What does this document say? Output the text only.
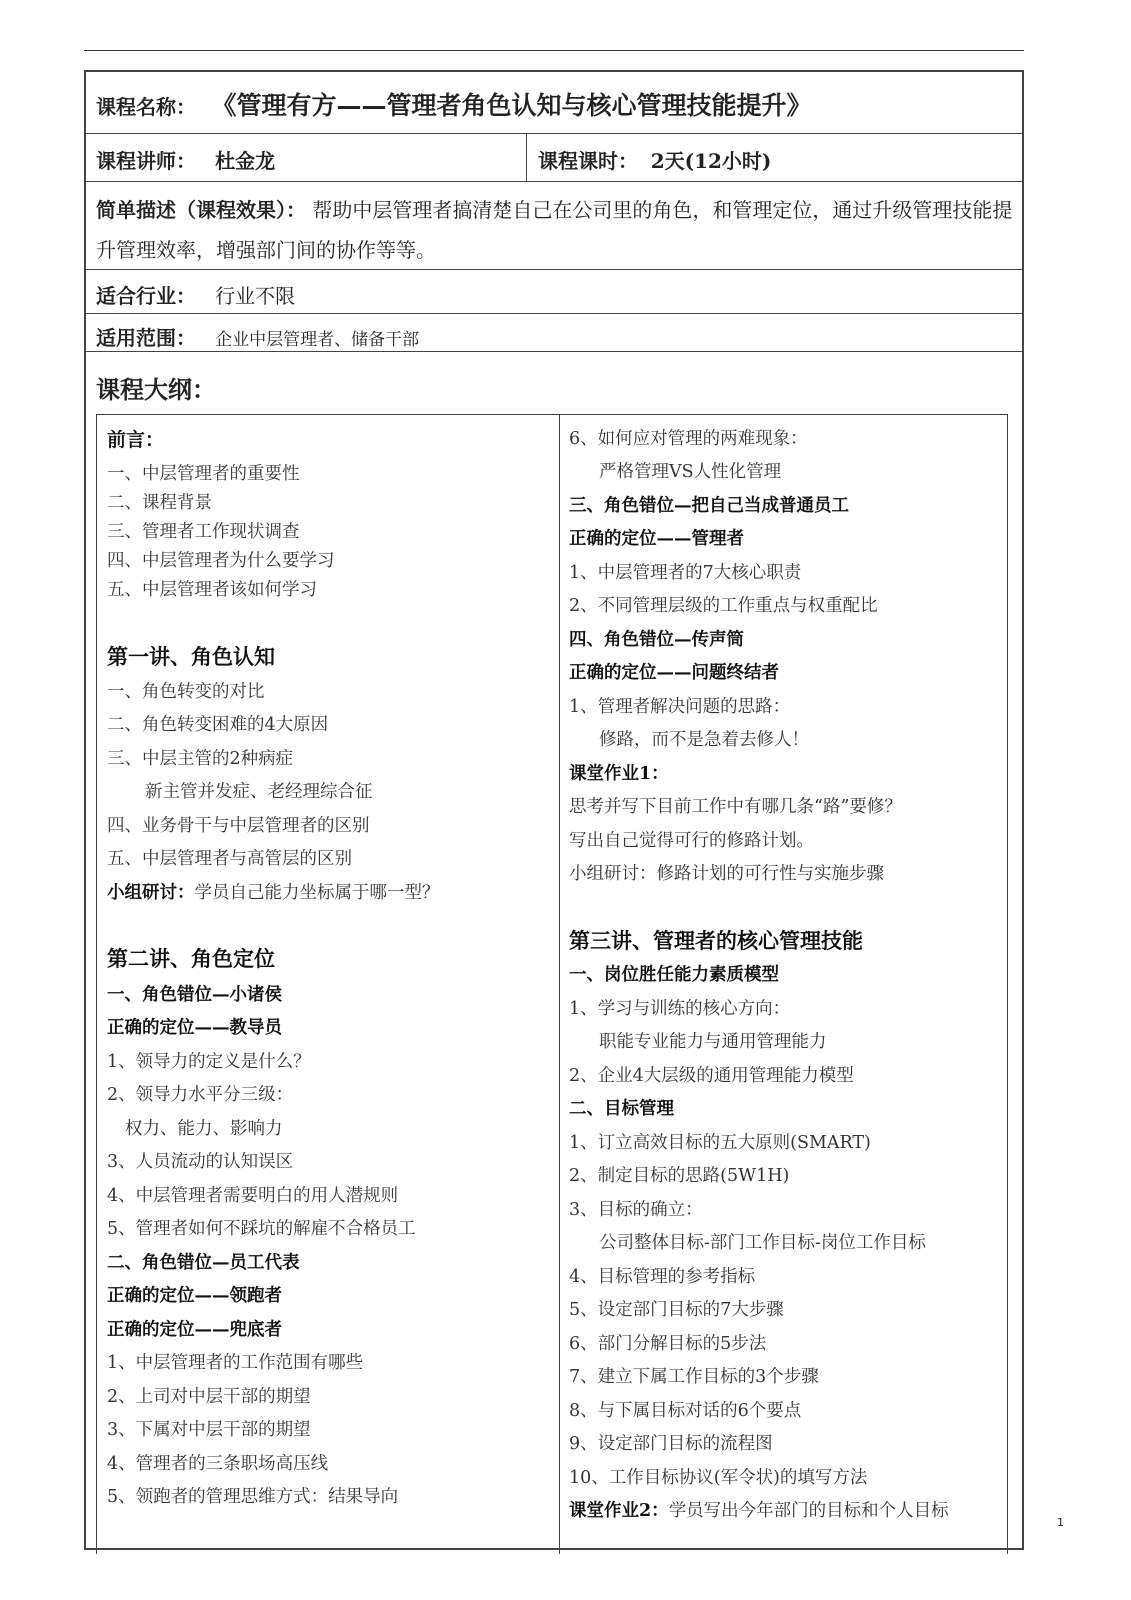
课程名称： 《管理有方——管理者角色认知与核心管理技能提升》
课程讲师： 杜金龙	课程课时： 2天(12小时)
简单描述（课程效果）： 帮助中层管理者搞清楚自己在公司里的角色，和管理定位，通过升级管理技能提升管理效率，增强部门间的协作等等。
适合行业： 行业不限
适用范围： 企业中层管理者、储备干部
课程大纲：
前言：
一、中层管理者的重要性
二、课程背景
三、管理者工作现状调查
四、中层管理者为什么要学习
五、中层管理者该如何学习
第一讲、角色认知
一、角色转变的对比
二、角色转变困难的4大原因
三、中层主管的2种病症
新主管并发症、老经理综合征
四、业务骨干与中层管理者的区别
五、中层管理者与高管层的区别
小组研讨：学员自己能力坐标属于哪一型？
第二讲、角色定位
一、角色错位—小诸侯
正确的定位——教导员
1、领导力的定义是什么？
2、领导力水平分三级：
权力、能力、影响力
3、人员流动的认知误区
4、中层管理者需要明白的用人潜规则
5、管理者如何不踩坑的解雇不合格员工
二、角色错位—员工代表
正确的定位——领跑者
正确的定位——兜底者
1、中层管理者的工作范围有哪些
2、上司对中层干部的期望
3、下属对中层干部的期望
4、管理者的三条职场高压线
5、领跑者的管理思维方式：结果导向
6、如何应对管理的两难现象：
严格管理VS人性化管理
三、角色错位—把自己当成普通员工
正确的定位——管理者
1、中层管理者的7大核心职责
2、不同管理层级的工作重点与权重配比
四、角色错位—传声筒
正确的定位——问题终结者
1、管理者解决问题的思路：
修路，而不是急着去修人！
课堂作业1：
思考并写下目前工作中有哪几条“路”要修？
写出自己觉得可行的修路计划。
小组研讨：修路计划的可行性与实施步骤
第三讲、管理者的核心管理技能
一、岗位胜任能力素质模型
1、学习与训练的核心方向：
职能专业能力与通用管理能力
2、企业4大层级的通用管理能力模型
二、目标管理
1、订立高效目标的五大原则(SMART)
2、制定目标的思路(5W1H)
3、目标的确立：
公司整体目标-部门工作目标-岗位工作目标
4、目标管理的参考指标
5、设定部门目标的7大步骤
6、部门分解目标的5步法
7、建立下属工作目标的3个步骤
8、与下属目标对话的6个要点
9、设定部门目标的流程图
10、工作目标协议(军令状)的填写方法
课堂作业2：学员写出今年部门的目标和个人目标
1
